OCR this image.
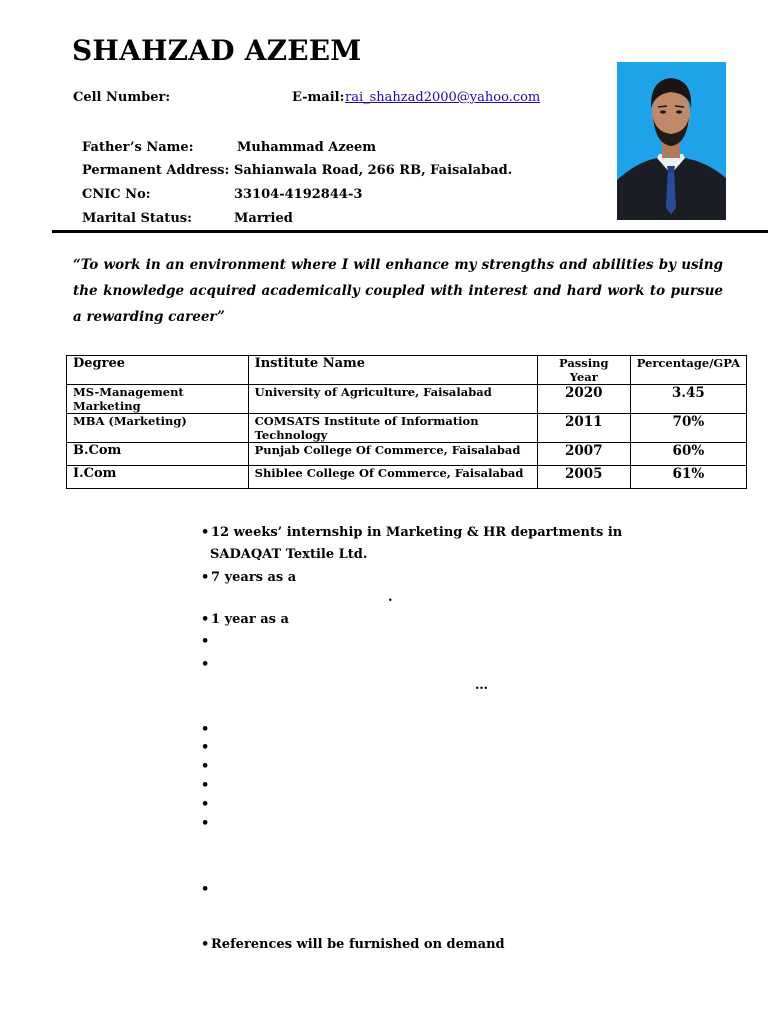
SHAHZAD AZEEM
Cell Number:	E-mail: rai_shahzad2000@yahoo.com
Father’s Name:	Muhammad Azeem
Permanent Address: Sahianwala Road, 266 RB, Faisalabad.
CNIC No:	33104-4192844-3
Marital Status:	Married
“To work in an environment where I will enhance my strengths and abilities by using the knowledge acquired academically coupled with interest and hard work to pursue a rewarding career”
Degree	Institute Name	Passing Year	Percentage/GPA
MS-Management Marketing	University of Agriculture, Faisalabad	2020	3.45
MBA (Marketing)	COMSATS Institute of Information Technology	2011	70%
B.Com	Punjab College Of Commerce, Faisalabad	2007	60%
I.Com	Shiblee College Of Commerce, Faisalabad	2005	61%
• 12 weeks’ internship in Marketing & HR departments in
SADAQAT Textile Ltd.
• 7 years as a
.
• 1 year as a
•
•
…
•
•
•
•
•
•
•
• References will be furnished on demand
